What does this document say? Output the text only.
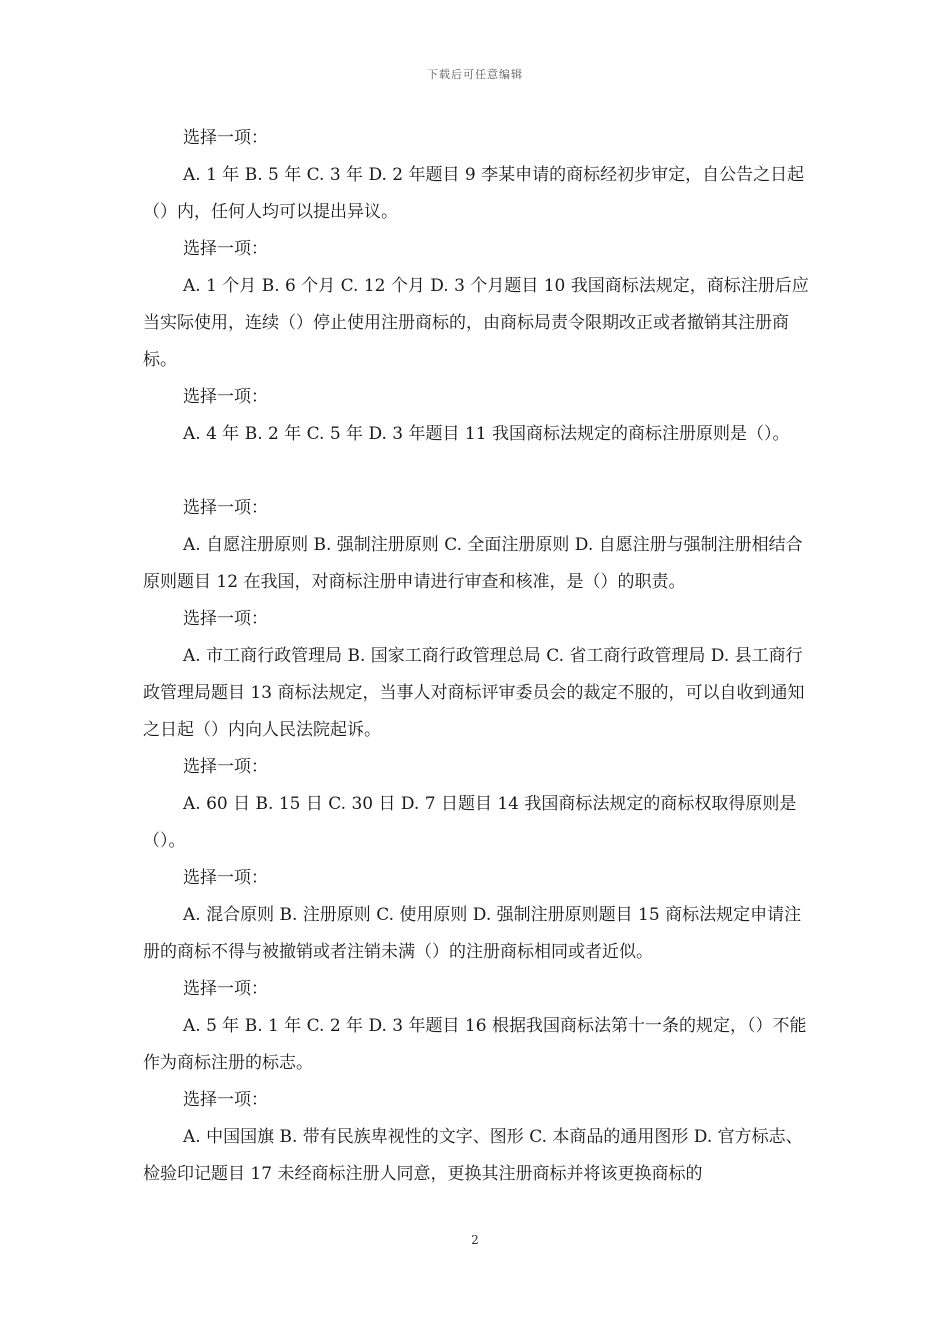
下载后可任意编辑

选择一项：

A. 1 年 B. 5 年 C. 3 年 D. 2 年题目 9 李某申请的商标经初步审定，自公告之日起（）内，任何人均可以提出异议。

选择一项：

A. 1 个月 B. 6 个月 C. 12 个月 D. 3 个月题目 10 我国商标法规定，商标注册后应当实际使用，连续（）停止使用注册商标的，由商标局责令限期改正或者撤销其注册商标。

选择一项：

A. 4 年 B. 2 年 C. 5 年 D. 3 年题目 11 我国商标法规定的商标注册原则是（）。

选择一项：

A. 自愿注册原则 B. 强制注册原则 C. 全面注册原则 D. 自愿注册与强制注册相结合原则题目 12 在我国，对商标注册申请进行审查和核准，是（）的职责。

选择一项：

A. 市工商行政管理局 B. 国家工商行政管理总局 C. 省工商行政管理局 D. 县工商行政管理局题目 13 商标法规定，当事人对商标评审委员会的裁定不服的，可以自收到通知之日起（）内向人民法院起诉。

选择一项：

A. 60 日 B. 15 日 C. 30 日 D. 7 日题目 14 我国商标法规定的商标权取得原则是（）。

选择一项：

A. 混合原则 B. 注册原则 C. 使用原则 D. 强制注册原则题目 15 商标法规定申请注册的商标不得与被撤销或者注销未满（）的注册商标相同或者近似。

选择一项：

A. 5 年 B. 1 年 C. 2 年 D. 3 年题目 16 根据我国商标法第十一条的规定，（）不能作为商标注册的标志。

选择一项：

A. 中国国旗 B. 带有民族卑视性的文字、图形 C. 本商品的通用图形 D. 官方标志、检验印记题目 17 未经商标注册人同意，更换其注册商标并将该更换商标的

2
